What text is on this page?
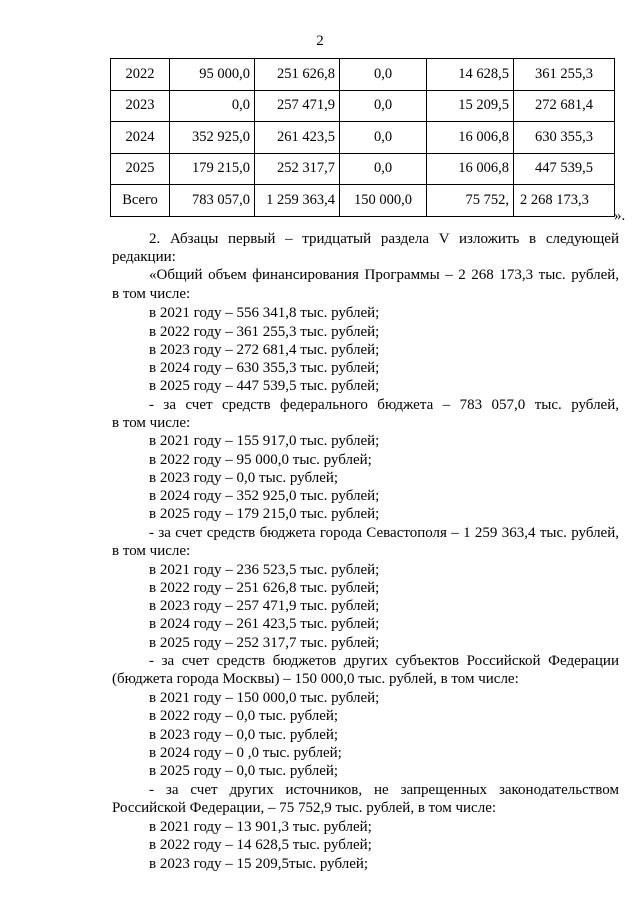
2
2022	95 000,0	251 626,8	0,0	14 628,5	361 255,3
2023	0,0	257 471,9	0,0	15 209,5	272 681,4
2024	352 925,0	261 423,5	0,0	16 006,8	630 355,3
2025	179 215,0	252 317,7	0,0	16 006,8	447 539,5
Всего	783 057,0	1 259 363,4	150 000,0	75 752,	2 268 173,3
».
2. Абзацы первый – тридцатый раздела V изложить в следующей
редакции:
«Общий объем финансирования Программы – 2 268 173,3 тыс. рублей,
в том числе:
в 2021 году – 556 341,8 тыс. рублей;
в 2022 году – 361 255,3 тыс. рублей;
в 2023 году – 272 681,4 тыс. рублей;
в 2024 году – 630 355,3 тыс. рублей;
в 2025 году – 447 539,5 тыс. рублей;
- за счет средств федерального бюджета – 783 057,0 тыс. рублей,
в том числе:
в 2021 году – 155 917,0 тыс. рублей;
в 2022 году – 95 000,0 тыс. рублей;
в 2023 году – 0,0 тыс. рублей;
в 2024 году – 352 925,0 тыс. рублей;
в 2025 году – 179 215,0 тыс. рублей;
- за счет средств бюджета города Севастополя – 1 259 363,4 тыс. рублей,
в том числе:
в 2021 году – 236 523,5 тыс. рублей;
в 2022 году – 251 626,8 тыс. рублей;
в 2023 году – 257 471,9 тыс. рублей;
в 2024 году – 261 423,5 тыс. рублей;
в 2025 году – 252 317,7 тыс. рублей;
- за счет средств бюджетов других субъектов Российской Федерации
(бюджета города Москвы) – 150 000,0 тыс. рублей, в том числе:
в 2021 году – 150 000,0 тыс. рублей;
в 2022 году – 0,0 тыс. рублей;
в 2023 году – 0,0 тыс. рублей;
в 2024 году – 0 ,0 тыс. рублей;
в 2025 году – 0,0 тыс. рублей;
- за счет других источников, не запрещенных законодательством
Российской Федерации, – 75 752,9 тыс. рублей, в том числе:
в 2021 году – 13 901,3 тыс. рублей;
в 2022 году – 14 628,5 тыс. рублей;
в 2023 году – 15 209,5тыс. рублей;
